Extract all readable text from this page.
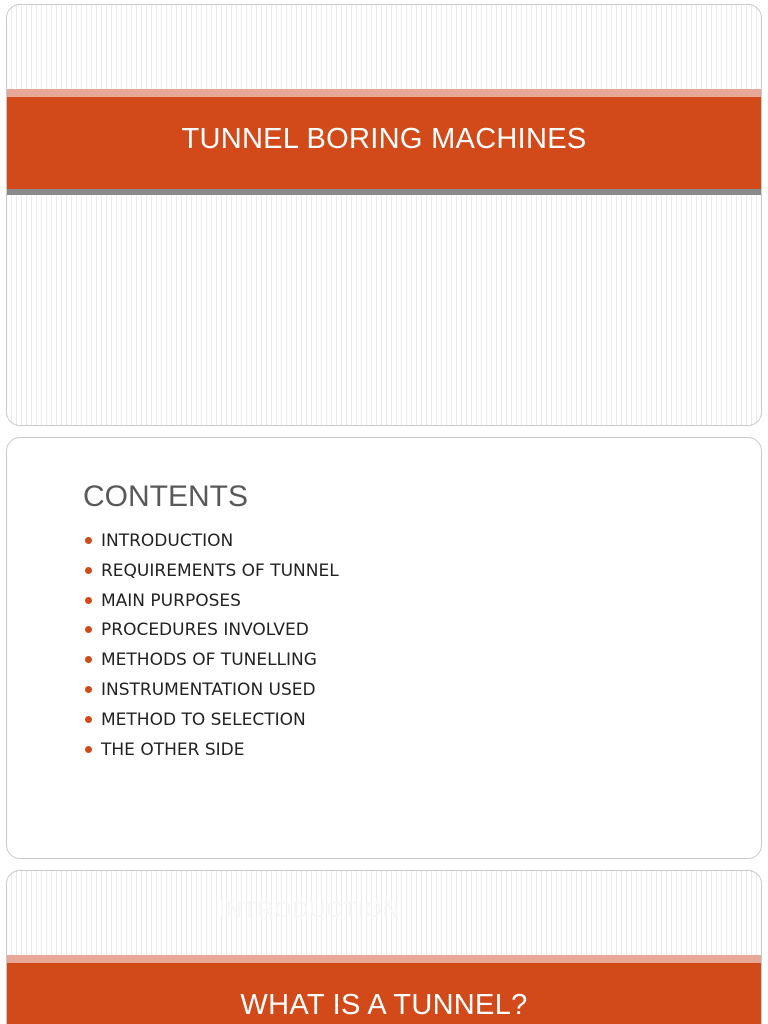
TUNNEL BORING MACHINES
CONTENTS
INTRODUCTION
REQUIREMENTS OF TUNNEL
MAIN PURPOSES
PROCEDURES INVOLVED
METHODS OF TUNELLING
INSTRUMENTATION USED
METHOD TO SELECTION
THE OTHER SIDE
INTRODUCTION
WHAT IS A TUNNEL?
